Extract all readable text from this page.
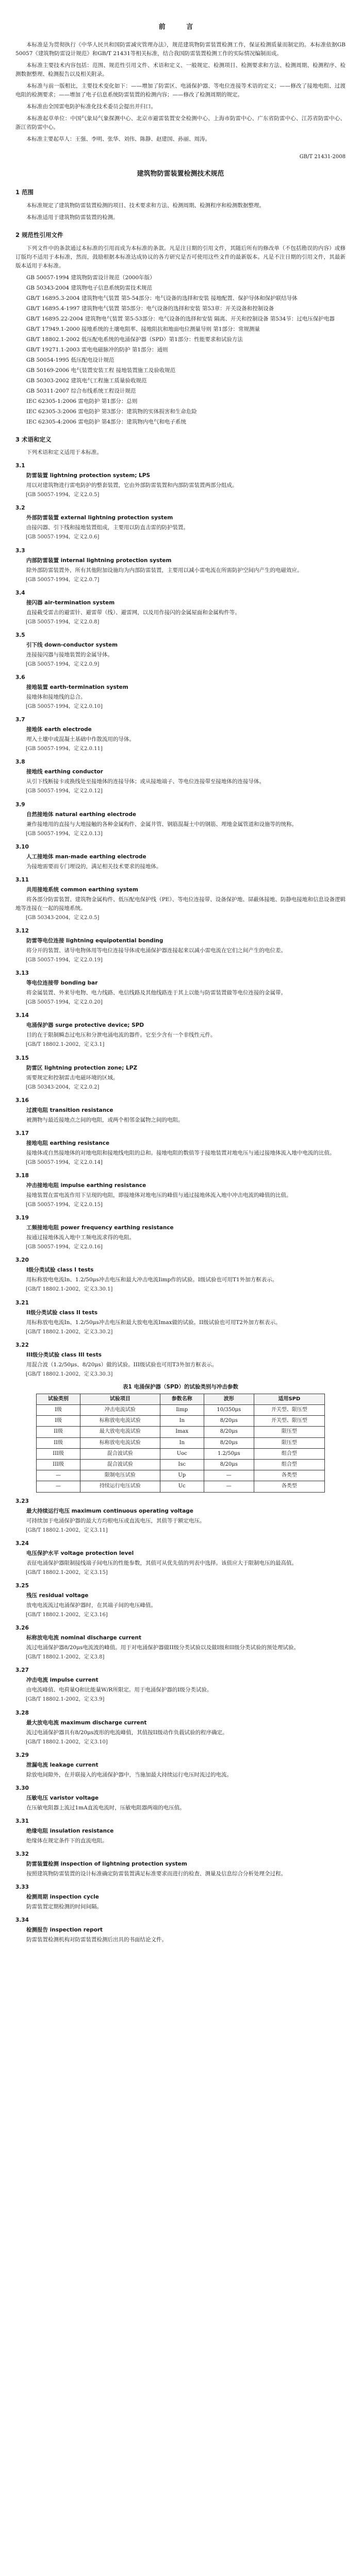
前 言

本标准是为贯彻执行《中华人民共和国防雷减灾管理办法》，规范建筑物防雷装置检测工作，保证检测质量而制定的。本标准依据GB 50057《建筑物防雷设计规范》和GB/T 21431等相关标准，结合我国防雷装置检测工作的实际情况编制而成。

本标准主要技术内容包括：范围、规范性引用文件、术语和定义、一般规定、检测项目、检测要求和方法、检测周期、检测程序、检测数据整理、检测报告以及相关附录。

本标准与前一版相比，主要技术变化如下：——增加了防雷区、电涌保护器、等电位连接等术语的定义；——修改了接地电阻、过渡电阻的检测要求；——增加了电子信息系统防雷装置的检测内容；——修改了检测周期的规定。

本标准由全国雷电防护标准化技术委员会提出并归口。

本标准起草单位：中国气象局气象探测中心、北京市避雷装置安全检测中心、上海市防雷中心、广东省防雷中心、江苏省防雷中心、浙江省防雷中心。

本标准主要起草人：王强、李明、张华、刘伟、陈静、赵建国、孙丽、周涛。

GB/T 21431-2008
建筑物防雷装置检测技术规范
1 范围

本标准规定了建筑物防雷装置检测的项目、技术要求和方法、检测周期、检测程序和检测数据整理。

本标准适用于建筑物防雷装置的检测。

2 规范性引用文件

下列文件中的条款通过本标准的引用而成为本标准的条款。凡是注日期的引用文件，其随后所有的修改单（不包括勘误的内容）或修订版均不适用于本标准，然而，鼓励根据本标准达成协议的各方研究是否可使用这些文件的最新版本。凡是不注日期的引用文件，其最新版本适用于本标准。

GB 50057-1994 建筑物防雷设计规范（2000年版）
GB 50343-2004 建筑物电子信息系统防雷技术规范
GB/T 16895.3-2004 建筑物电气装置 第5-54部分：电气设备的选择和安装 接地配置、保护导体和保护联结导体
GB/T 16895.4-1997 建筑物电气装置 第5部分：电气设备的选择和安装 第53章：开关设备和控制设备
GB/T 16895.22-2004 建筑物电气装置 第5-53部分：电气设备的选择和安装 隔离、开关和控制设备 第534节：过电压保护电器
GB/T 17949.1-2000 接地系统的土壤电阻率、接地阻抗和地面电位测量导则 第1部分：常规测量
GB/T 18802.1-2002 低压配电系统的电涌保护器（SPD）第1部分：性能要求和试验方法
GB/T 19271.1-2003 雷电电磁脉冲的防护 第1部分：通则
GB 50054-1995 低压配电设计规范
GB 50169-2006 电气装置安装工程 接地装置施工及验收规范
GB 50303-2002 建筑电气工程施工质量验收规范
GB 50311-2007 综合布线系统工程设计规范
IEC 62305-1:2006 雷电防护 第1部分：总则
IEC 62305-3:2006 雷电防护 第3部分：建筑物的实体损害和生命危险
IEC 62305-4:2006 雷电防护 第4部分：建筑物内电气和电子系统
3 术语和定义

下列术语和定义适用于本标准。

3.1
防雷装置 lightning protection system; LPS
用以对建筑物进行雷电防护的整套装置，它由外部防雷装置和内部防雷装置两部分组成。
[GB 50057-1994，定义2.0.5]
3.2
外部防雷装置 external lightning protection system
由接闪器、引下线和接地装置组成，主要用以防直击雷的防护装置。
[GB 50057-1994，定义2.0.6]
3.3
内部防雷装置 internal lightning protection system
除外部防雷装置外，所有其他附加设施均为内部防雷装置，主要用以减小雷电流在所需防护空间内产生的电磁效应。
[GB 50057-1994，定义2.0.7]
3.4
接闪器 air-termination system
直接截受雷击的避雷针、避雷带（线）、避雷网，以及用作接闪的金属屋面和金属构件等。
[GB 50057-1994，定义2.0.8]
3.5
引下线 down-conductor system
连接接闪器与接地装置的金属导体。
[GB 50057-1994，定义2.0.9]
3.6
接地装置 earth-termination system
接地体和接地线的总合。
[GB 50057-1994，定义2.0.10]
3.7
接地体 earth electrode
埋入土壤中或混凝土基础中作散流用的导体。
[GB 50057-1994，定义2.0.11]
3.8
接地线 earthing conductor
从引下线断接卡或换线处至接地体的连接导体；或从接地端子、等电位连接带至接地体的连接导体。
[GB 50057-1994，定义2.0.12]
3.9
自然接地体 natural earthing electrode
兼作接地用的直接与大地接触的各种金属构件、金属井管、钢筋混凝土中的钢筋、埋地金属管道和设施等的统称。
[GB 50057-1994，定义2.0.13]
3.10
人工接地体 man-made earthing electrode
为接地需要而专门埋设的，满足相关技术要求的接地体。
3.11
共用接地系统 common earthing system
将各部分防雷装置、建筑物金属构件、低压配电保护线（PE）、等电位连接带、设备保护地、屏蔽体接地、防静电接地和信息设备逻辑地等连接在一起的接地系统。
[GB 50343-2004，定义2.0.5]
3.12
防雷等电位连接 lightning equipotential bonding
将分开的装置、诸导电物体用等电位连接导体或电涌保护器连接起来以减小雷电流在它们之间产生的电位差。
[GB 50057-1994，定义2.0.19]
3.13
等电位连接带 bonding bar
将金属装置、外来导电物、电力线路、电信线路及其他线路连于其上以能与防雷装置做等电位连接的金属带。
[GB 50057-1994，定义2.0.20]
3.14
电涌保护器 surge protective device; SPD
目的在于限制瞬态过电压和分泄电涌电流的器件。它至少含有一个非线性元件。
[GB/T 18802.1-2002，定义3.1]
3.15
防雷区 lightning protection zone; LPZ
需要规定和控制雷击电磁环境的区域。
[GB 50343-2004，定义2.0.2]
3.16
过渡电阻 transition resistance
被测物与最近接地点之间的电阻，或两个相邻金属物之间的电阻。
3.17
接地电阻 earthing resistance
接地体或自然接地体的对地电阻和接地线电阻的总和。接地电阻的数值等于接地装置对地电压与通过接地体流入地中电流的比值。
[GB 50057-1994，定义2.0.14]
3.18
冲击接地电阻 impulse earthing resistance
接地装置在雷电流作用下呈现的电阻，即接地体对地电压的峰值与通过接地体流入地中冲击电流的峰值的比值。
[GB 50057-1994，定义2.0.15]
3.19
工频接地电阻 power frequency earthing resistance
按通过接地体流入地中工频电流求得的电阻。
[GB 50057-1994，定义2.0.16]
3.20
I级分类试验 class I tests
用标称放电电流In、1.2/50μs冲击电压和最大冲击电流Iimp作的试验。I级试验也可用T1外加方框表示。
[GB/T 18802.1-2002，定义3.30.1]
3.21
II级分类试验 class II tests
用标称放电电流In、1.2/50μs冲击电压和最大放电电流Imax做的试验。II级试验也可用T2外加方框表示。
[GB/T 18802.1-2002，定义3.30.2]
3.22
III级分类试验 class III tests
用混合波（1.2/50μs、8/20μs）做的试验。III级试验也可用T3外加方框表示。
[GB/T 18802.1-2002，定义3.30.3]
表1 电涌保护器（SPD）的试验类别与冲击参数
试验类别	试验项目	参数名称	波形	适用SPD
I级	冲击电流试验	Iimp	10/350μs	开关型、限压型
I级	标称放电电流试验	In	8/20μs	开关型、限压型
II级	最大放电电流试验	Imax	8/20μs	限压型
II级	标称放电电流试验	In	8/20μs	限压型
III级	混合波试验	Uoc	1.2/50μs	组合型
III级	混合波试验	Isc	8/20μs	组合型
—	限制电压试验	Up	—	各类型
—	持续运行电压试验	Uc	—	各类型
3.23
最大持续运行电压 maximum continuous operating voltage
可持续加于电涌保护器的最大方均根电压或直流电压，其值等于额定电压。
[GB/T 18802.1-2002，定义3.11]
3.24
电压保护水平 voltage protection level
表征电涌保护器限制接线端子间电压的性能参数，其值可从优先值的列表中选择。该值应大于限制电压的最高值。
[GB/T 18802.1-2002，定义3.15]
3.25
残压 residual voltage
放电电流流过电涌保护器时，在其端子间的电压峰值。
[GB/T 18802.1-2002，定义3.16]
3.26
标称放电电流 nominal discharge current
流过电涌保护器8/20μs电流波的峰值。用于对电涌保护器做II级分类试验以及做I级和II级分类试验的预处理试验。
[GB/T 18802.1-2002，定义3.8]
3.27
冲击电流 impulse current
由电流峰值、电荷量Q和比能量W/R所限定。用于电涌保护器的I级分类试验。
[GB/T 18802.1-2002，定义3.9]
3.28
最大放电电流 maximum discharge current
流过电涌保护器具有8/20μs波形的电流峰值，其值按II级动作负载试验的程序确定。
[GB/T 18802.1-2002，定义3.10]
3.29
泄漏电流 leakage current
除放电间隙外，在并联接入的电涌保护器中，当施加最大持续运行电压时流过的电流。
3.30
压敏电压 varistor voltage
在压敏电阻器上流过1mA直流电流时，压敏电阻器两端的电压值。
3.31
绝缘电阻 insulation resistance
绝缘体在规定条件下的直流电阻。
3.32
防雷装置检测 inspection of lightning protection system
按照建筑物防雷装置的设计标准确定防雷装置满足标准要求而进行的检查、测量及信息综合分析处理全过程。
3.33
检测周期 inspection cycle
防雷装置定期检测的时间间隔。
3.34
检测报告 inspection report
防雷装置检测机构对防雷装置检测后出具的书面结论文件。
